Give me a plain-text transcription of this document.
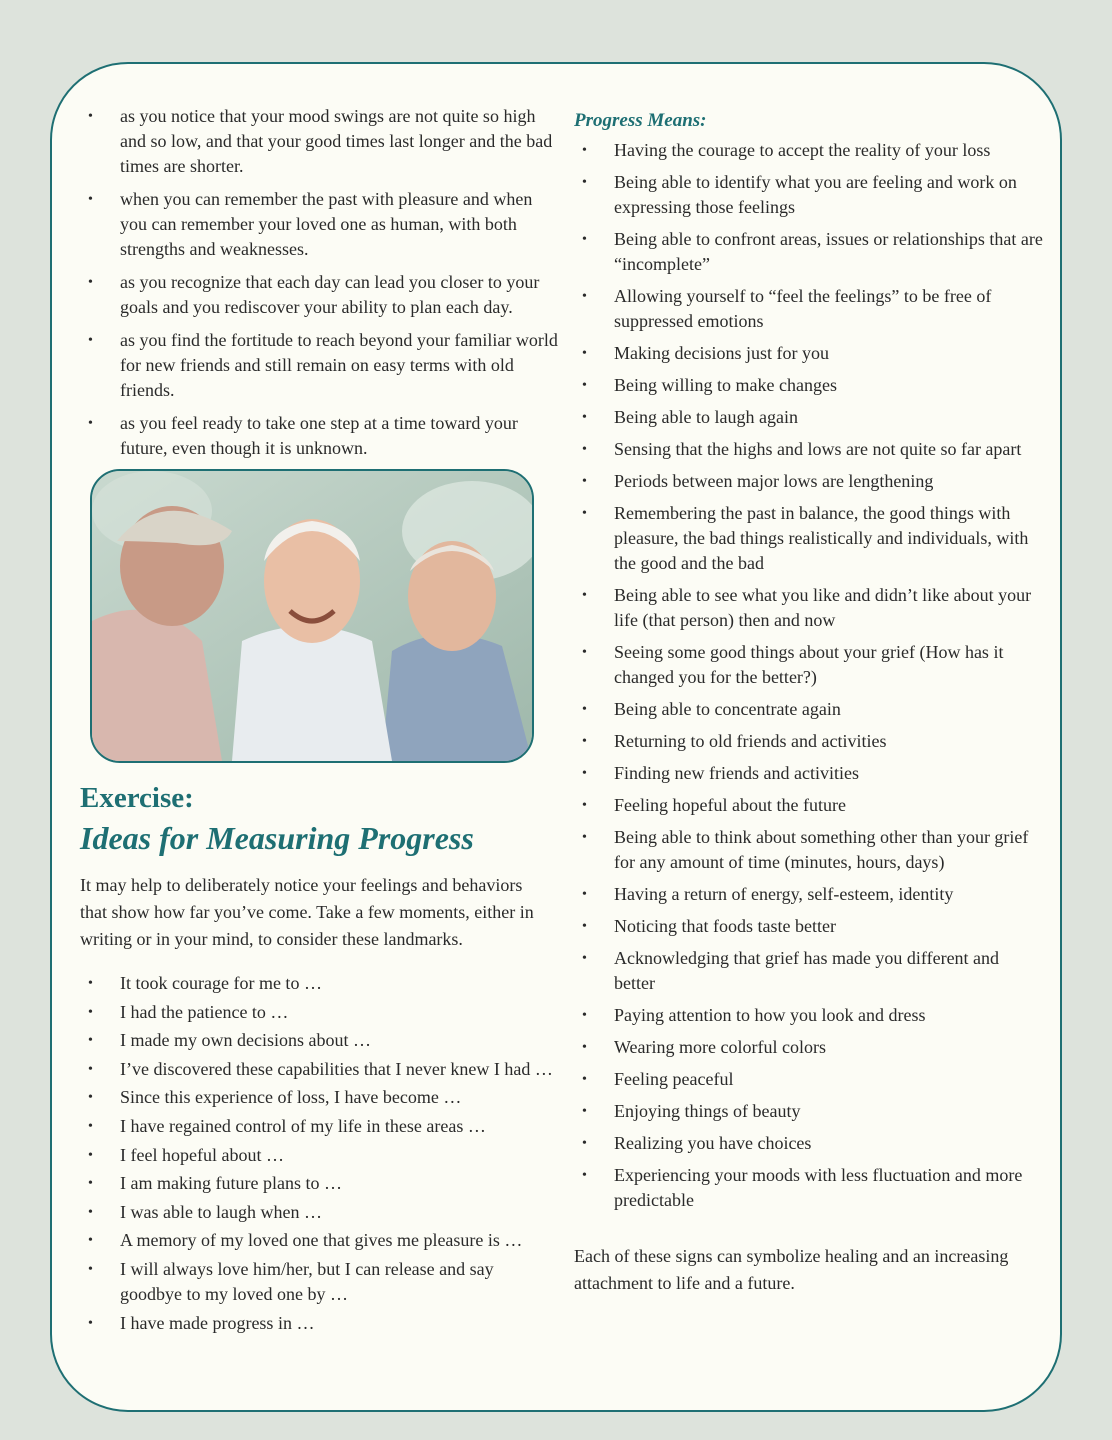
• as you notice that your mood swings are not quite so high and so low, and that your good times last longer and the bad times are shorter.
• when you can remember the past with pleasure and when you can remember your loved one as human, with both strengths and weaknesses.
• as you recognize that each day can lead you closer to your goals and you rediscover your ability to plan each day.
• as you find the fortitude to reach beyond your familiar world for new friends and still remain on easy terms with old friends.
• as you feel ready to take one step at a time toward your future, even though it is unknown.
Exercise:
Ideas for Measuring Progress

It may help to deliberately notice your feelings and behaviors that show how far you’ve come. Take a few moments, either in writing or in your mind, to consider these landmarks.

• It took courage for me to …
• I had the patience to …
• I made my own decisions about …
• I’ve discovered these capabilities that I never knew I had …
• Since this experience of loss, I have become …
• I have regained control of my life in these areas …
• I feel hopeful about …
• I am making future plans to …
• I was able to laugh when …
• A memory of my loved one that gives me pleasure is …
• I will always love him/her, but I can release and say goodbye to my loved one by …
• I have made progress in …
Progress Means:
• Having the courage to accept the reality of your loss
• Being able to identify what you are feeling and work on expressing those feelings
• Being able to confront areas, issues or relationships that are “incomplete”
• Allowing yourself to “feel the feelings” to be free of suppressed emotions
• Making decisions just for you
• Being willing to make changes
• Being able to laugh again
• Sensing that the highs and lows are not quite so far apart
• Periods between major lows are lengthening
• Remembering the past in balance, the good things with pleasure, the bad things realistically and individuals, with the good and the bad
• Being able to see what you like and didn’t like about your life (that person) then and now
• Seeing some good things about your grief (How has it changed you for the better?)
• Being able to concentrate again
• Returning to old friends and activities
• Finding new friends and activities
• Feeling hopeful about the future
• Being able to think about something other than your grief for any amount of time (minutes, hours, days)
• Having a return of energy, self-esteem, identity
• Noticing that foods taste better
• Acknowledging that grief has made you different and better
• Paying attention to how you look and dress
• Wearing more colorful colors
• Feeling peaceful
• Enjoying things of beauty
• Realizing you have choices
• Experiencing your moods with less fluctuation and more predictable

Each of these signs can symbolize healing and an increasing attachment to life and a future.
